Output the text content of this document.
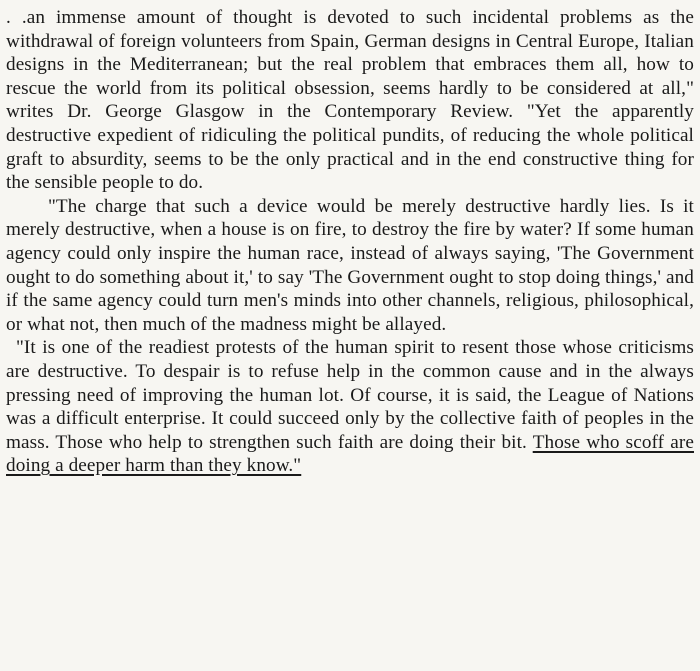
. .an immense amount of thought is devoted to such incidental problems as the withdrawal of foreign volunteers from Spain, German designs in Central Europe, Italian designs in the Mediterranean; but the real problem that embraces them all, how to rescue the world from its political obsession, seems hardly to be considered at all," writes Dr. George Glasgow in the Contemporary Review. "Yet the apparently destructive expedient of ridiculing the political pundits, of reducing the whole political graft to absurdity, seems to be the only practical and in the end constructive thing for the sensible people to do.

"The charge that such a device would be merely destructive hardly lies. Is it merely destructive, when a house is on fire, to destroy the fire by water? If some human agency could only inspire the human race, instead of always saying, 'The Government ought to do something about it,' to say 'The Government ought to stop doing things,' and if the same agency could turn men's minds into other channels, religious, philosophical, or what not, then much of the madness might be allayed.

"It is one of the readiest protests of the human spirit to resent those whose criticisms are destructive. To despair is to refuse help in the common cause and in the always pressing need of improving the human lot. Of course, it is said, the League of Nations was a difficult enterprise. It could succeed only by the collective faith of peoples in the mass. Those who help to strengthen such faith are doing their bit. Those who scoff are doing a deeper harm than they know."
